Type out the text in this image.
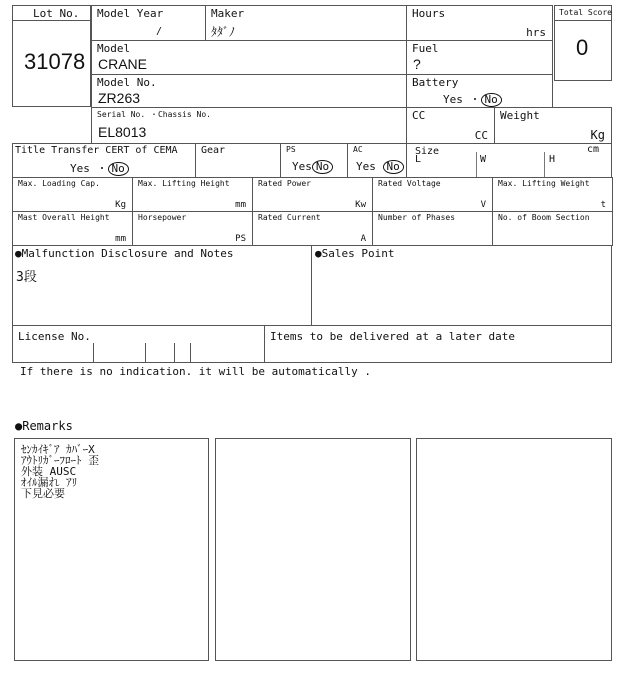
Lot No.
31078
Model Year
/
Maker
ﾀﾀﾞﾉ
Hours
hrs
Total Score
0
Model
CRANE
Fuel
?
Model No.
ZR263
Battery
Yes ・ No
Serial No. ・Chassis No.
EL8013
CC
CC
Weight
Kg
Title Transfer CERT of CEMA
Yes ・ No
Gear	PS
Yes No
AC
Yes No
Size
L	W	H
cm
Max. Loading Cap.
Kg
Max. Lifting Height
mm
Rated Power
Kw
Rated Voltage
V
Max. Lifting Weight
t
Mast Overall Height
mm
Horsepower
PS
Rated Current
A
Number of Phases	No. of Boom Section
●Malfunction Disclosure and Notes
3段
●Sales Point
License No.	Items to be delivered at a later date
If there is no indication. it will be automatically .
●Remarks
ｾﾝｶｲｷﾞｱ ｶﾊﾞｰX
ｱｳﾄﾘｶﾞｰﾌﾛｰﾄ 歪
外装 AUSC
ｵｲﾙ漏れ ｱﾘ
下見必要
